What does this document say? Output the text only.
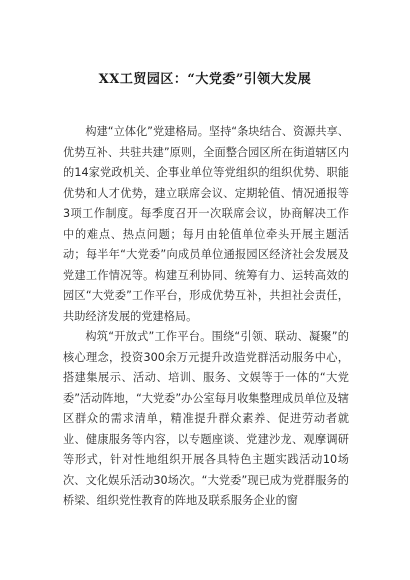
XX工贸园区：“大党委”引领大发展

构建“立体化”党建格局。坚持“条块结合、资源共享、优势互补、共驻共建”原则，全面整合园区所在街道辖区内的14家党政机关、企事业单位等党组织的组织优势、职能优势和人才优势，建立联席会议、定期轮值、情况通报等3项工作制度。每季度召开一次联席会议，协商解决工作中的难点、热点问题；每月由轮值单位牵头开展主题活动；每半年“大党委”向成员单位通报园区经济社会发展及党建工作情况等。构建互利协同、统筹有力、运转高效的园区“大党委”工作平台，形成优势互补，共担社会责任，共助经济发展的党建格局。

构筑“开放式”工作平台。围绕“引领、联动、凝聚”的核心理念，投资300余万元提升改造党群活动服务中心，搭建集展示、活动、培训、服务、文娱等于一体的“大党委”活动阵地，“大党委”办公室每月收集整理成员单位及辖区群众的需求清单，精准提升群众素养、促进劳动者就业、健康服务等内容，以专题座谈、党建沙龙、观摩调研等形式，针对性地组织开展各具特色主题实践活动10场次、文化娱乐活动30场次。“大党委”现已成为党群服务的桥梁、组织党性教育的阵地及联系服务企业的窗
